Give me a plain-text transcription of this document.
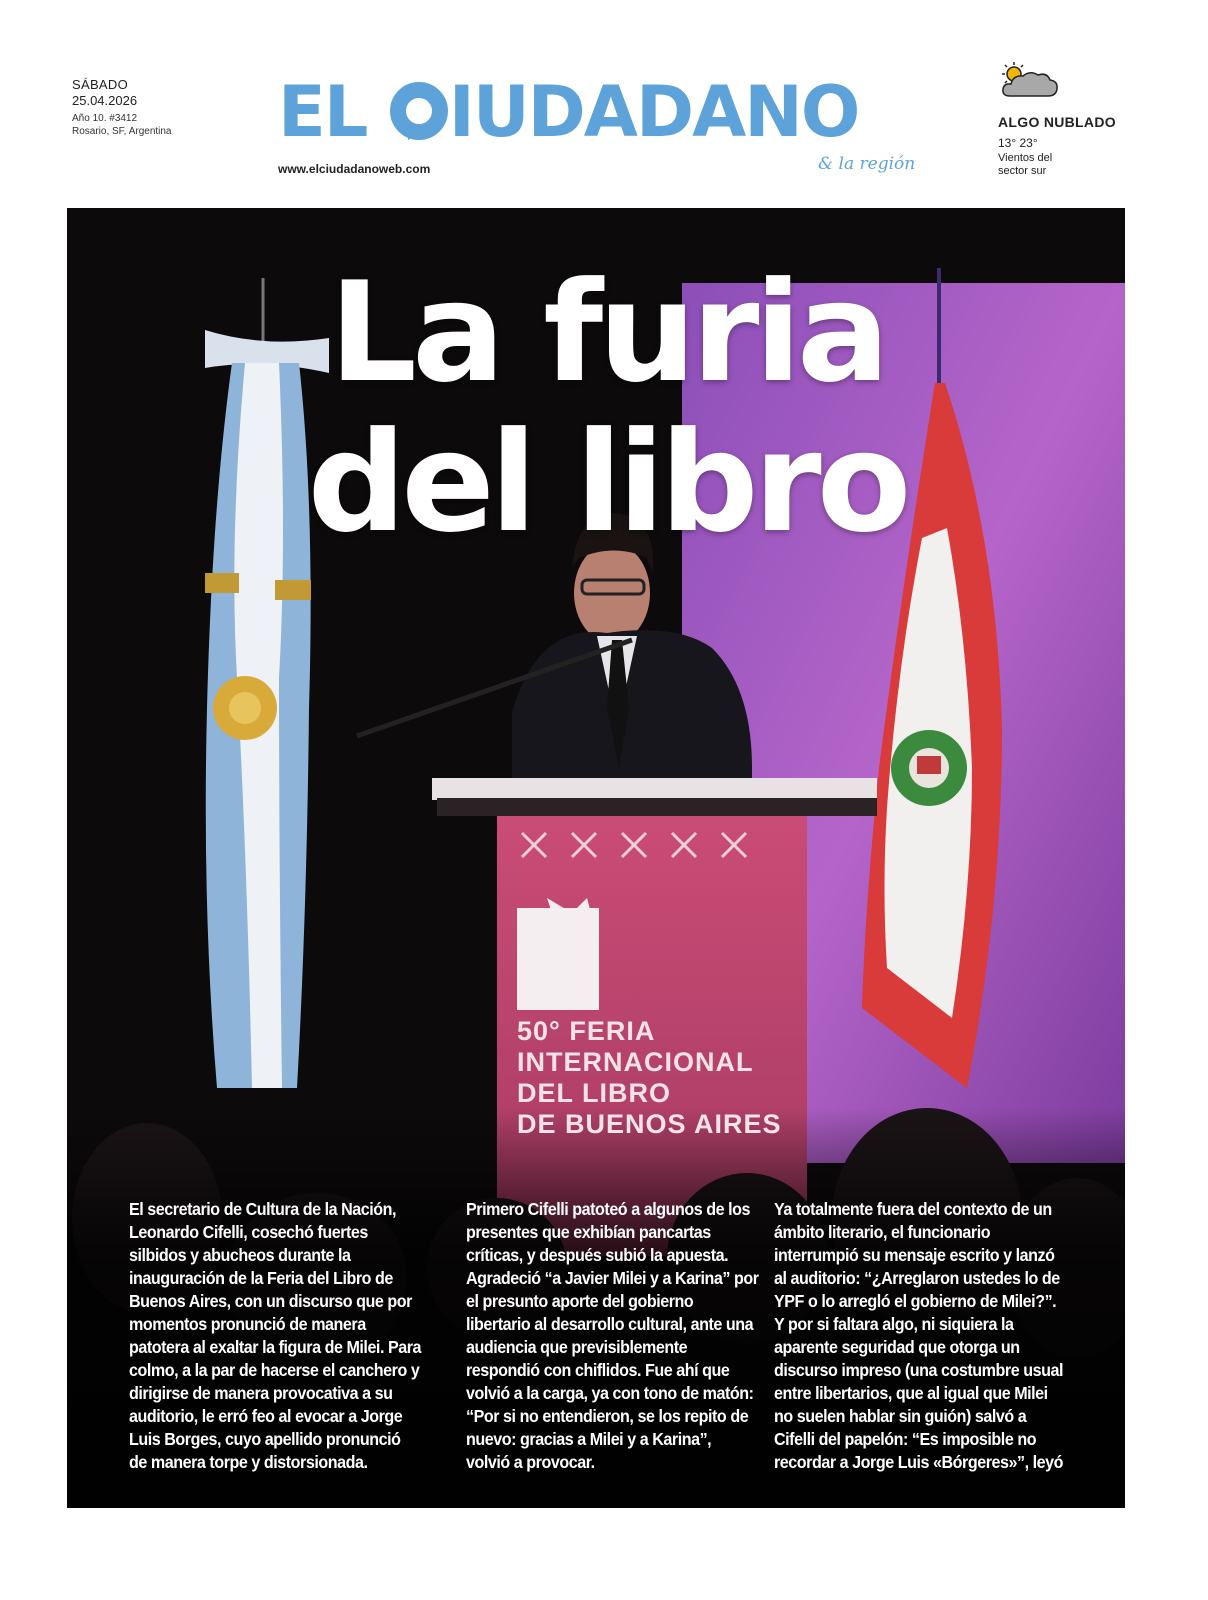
SÁBADO
25.04.2026
Año 10. #3412
Rosario, SF, Argentina EL IUDADANO
& la región
www.elciudadanoweb.com
ALGO NUBLADO
13° 23°
Vientos del sector sur
La furia
del libro
50° FERIA
INTERNACIONAL
DEL LIBRO
DE BUENOS AIRES
El secretario de Cultura de la Nación, Leonardo Cifelli, cosechó fuertes silbidos y abucheos durante la inauguración de la Feria del Libro de Buenos Aires, con un discurso que por momentos pronunció de manera patotera al exaltar la figura de Milei. Para colmo, a la par de hacerse el canchero y dirigirse de manera provocativa a su auditorio, le erró feo al evocar a Jorge Luis Borges, cuyo apellido pronunció de manera torpe y distorsionada.
Primero Cifelli patoteó a algunos de los presentes que exhibían pancartas críticas, y después subió la apuesta. Agradeció “a Javier Milei y a Karina” por el presunto aporte del gobierno libertario al desarrollo cultural, ante una audiencia que previsiblemente respondió con chiflidos. Fue ahí que volvió a la carga, ya con tono de matón: “Por si no entendieron, se los repito de nuevo: gracias a Milei y a Karina”, volvió a provocar.
Ya totalmente fuera del contexto de un ámbito literario, el funcionario interrumpió su mensaje escrito y lanzó al auditorio: “¿Arreglaron ustedes lo de YPF o lo arregló el gobierno de Milei?”. Y por si faltara algo, ni siquiera la aparente seguridad que otorga un discurso impreso (una costumbre usual entre libertarios, que al igual que Milei no suelen hablar sin guión) salvó a Cifelli del papelón: “Es imposible no recordar a Jorge Luis «Bórgeres»”, leyó
